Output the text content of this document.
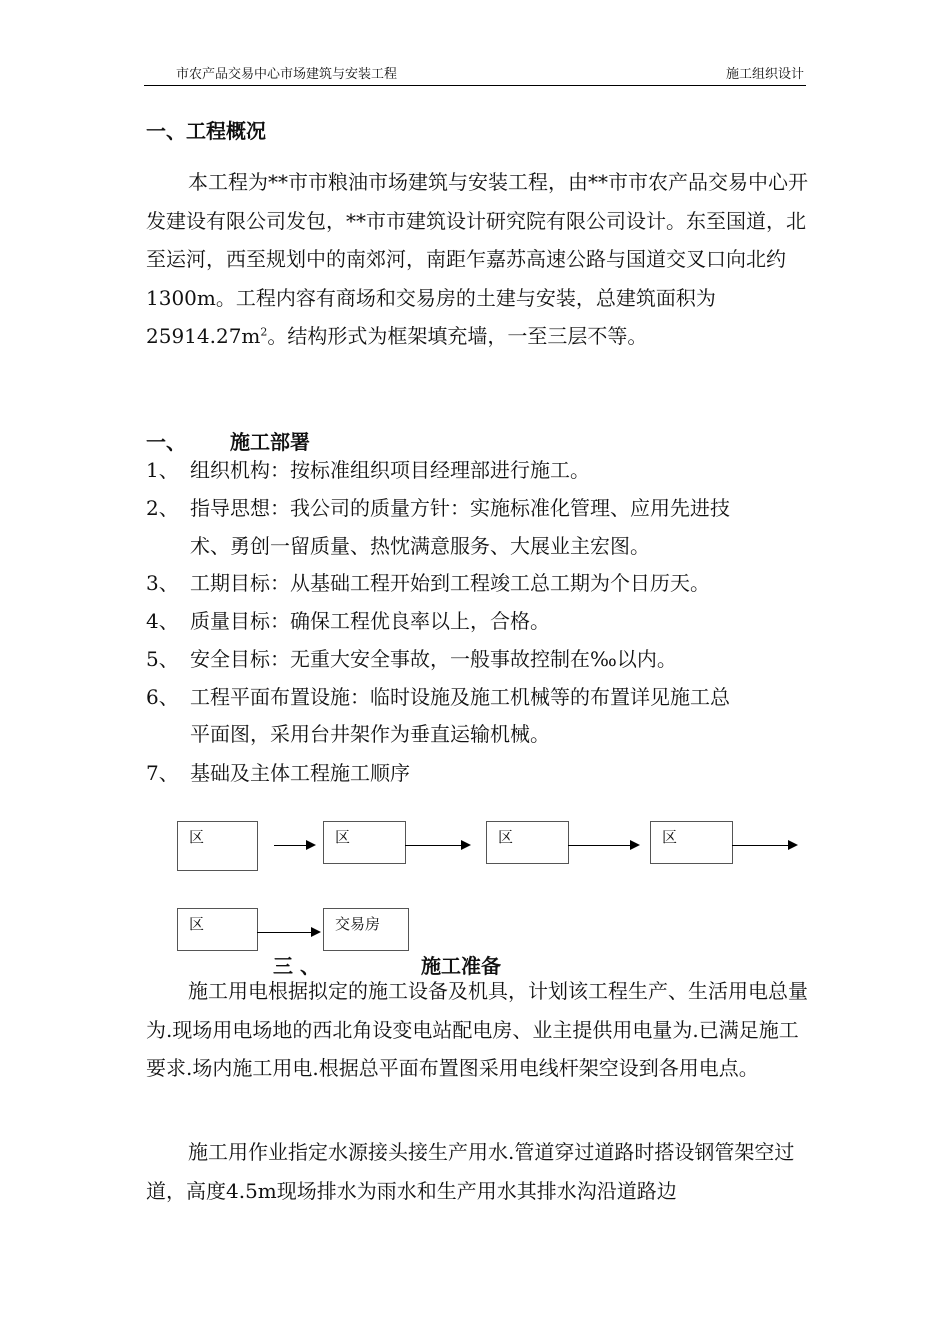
市农产品交易中心市场建筑与安装工程	施工组织设计
一、工程概况

本工程为**市市粮油市场建筑与安装工程，由**市市农产品交易中心开发建设有限公司发包，**市市建筑设计研究院有限公司设计。东至国道，北至运河，西至规划中的南郊河，南距乍嘉苏高速公路与国道交叉口向北约1300m。工程内容有商场和交易房的土建与安装，总建筑面积为$25914.27m^2$。结构形式为框架填充墙，一至三层不等。

一、 施工部署
1、 组织机构：按标准组织项目经理部进行施工。
2、 指导思想：我公司的质量方针：实施标准化管理、应用先进技
术、勇创一留质量、热忱满意服务、大展业主宏图。
3、 工期目标：从基础工程开始到工程竣工总工期为个日历天。
4、 质量目标：确保工程优良率以上，合格。
5、 安全目标：无重大安全事故，一般事故控制在‰以内。
6、 工程平面布置设施：临时设施及施工机械等的布置详见施工总
平面图，采用台井架作为垂直运输机械。
7、 基础及主体工程施工顺序
区	区	区	区
区	交易房
三 、	施工准备

施工用电根据拟定的施工设备及机具，计划该工程生产、生活用电总量为.现场用电场地的西北角设变电站配电房、业主提供用电量为.已满足施工要求.场内施工用电.根据总平面布置图采用电线杆架空设到各用电点。

施工用作业指定水源接头接生产用水.管道穿过道路时搭设钢管架空过道，高度4.5m现场排水为雨水和生产用水其排水沟沿道路边
